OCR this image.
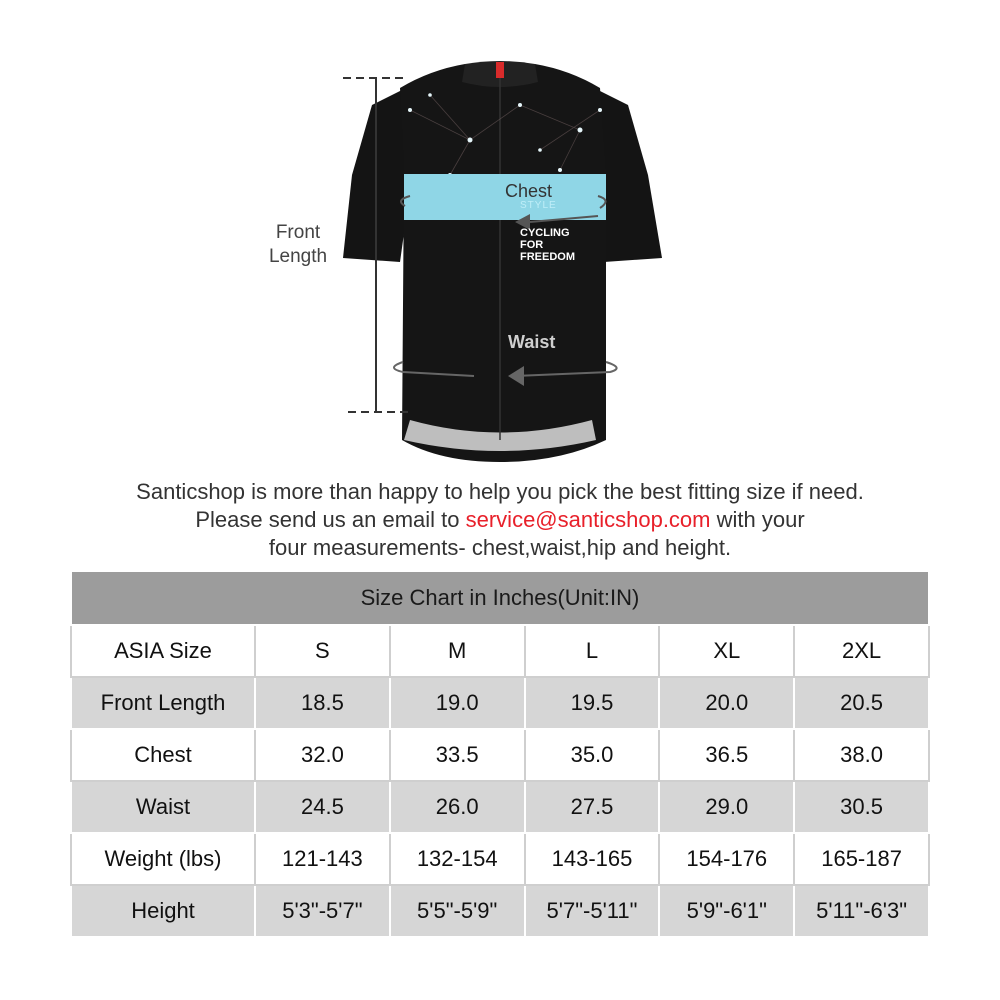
Chest
STYLE
CYCLING
FOR
FREEDOM
Waist
Front
Length
Santicshop is more than happy to help you pick the best fitting size if need.
Please send us an email to service@santicshop.com with your
four measurements- chest,waist,hip and height.
Size Chart in Inches(Unit:IN)					
ASIA Size	S	M	L	XL	2XL
Front Length	18.5	19.0	19.5	20.0	20.5
Chest	32.0	33.5	35.0	36.5	38.0
Waist	24.5	26.0	27.5	29.0	30.5
Weight (lbs)	121-143	132-154	143-165	154-176	165-187
Height	5'3"-5'7"	5'5"-5'9"	5'7"-5'11"	5'9"-6'1"	5'11"-6'3"
